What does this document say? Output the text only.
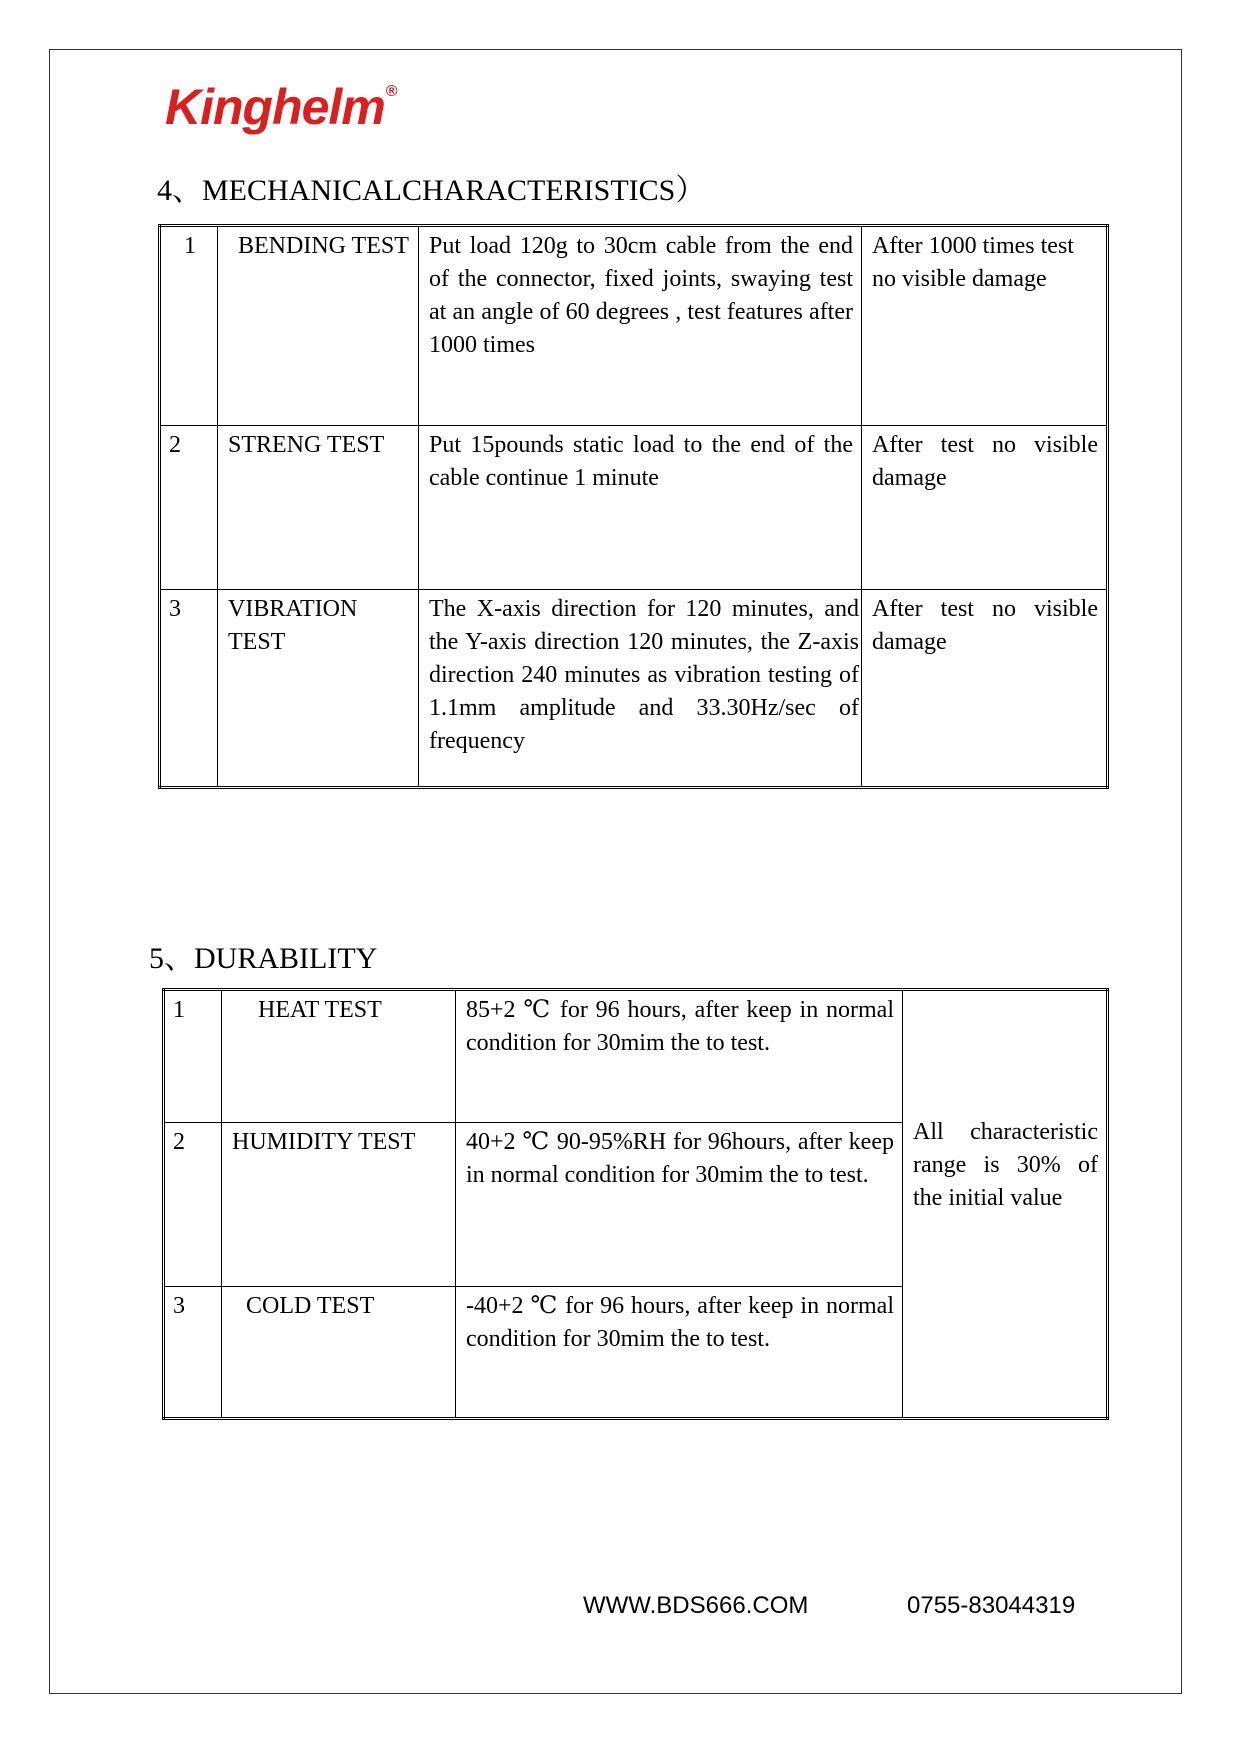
Kinghelm®
4、MECHANICALCHARACTERISTICS）
1	BENDING TEST	Put load 120g to 30cm cable from the end of the connector, fixed joints, swaying test at an angle of 60 degrees , test features after 1000 times	After 1000 times test no visible damage
2	STRENG TEST	Put 15pounds static load to the end of the cable continue 1 minute	After test no visible damage
3	VIBRATION TEST	The X-axis direction for 120 minutes, and the Y-axis direction 120 minutes, the Z-axis direction 240 minutes as vibration testing of 1.1mm amplitude and 33.30Hz/sec of frequency	After test no visible damage
5、DURABILITY
1	HEAT TEST	85+2 ℃ for 96 hours, after keep in normal condition for 30mim the to test.	All characteristic range is 30% of the initial value
2	HUMIDITY TEST	40+2 ℃ 90-95%RH for 96hours, after keep in normal condition for 30mim the to test.	
3	COLD TEST	-40+2 ℃ for 96 hours, after keep in normal condition for 30mim the to test.	
WWW.BDS666.COM	0755-83044319
